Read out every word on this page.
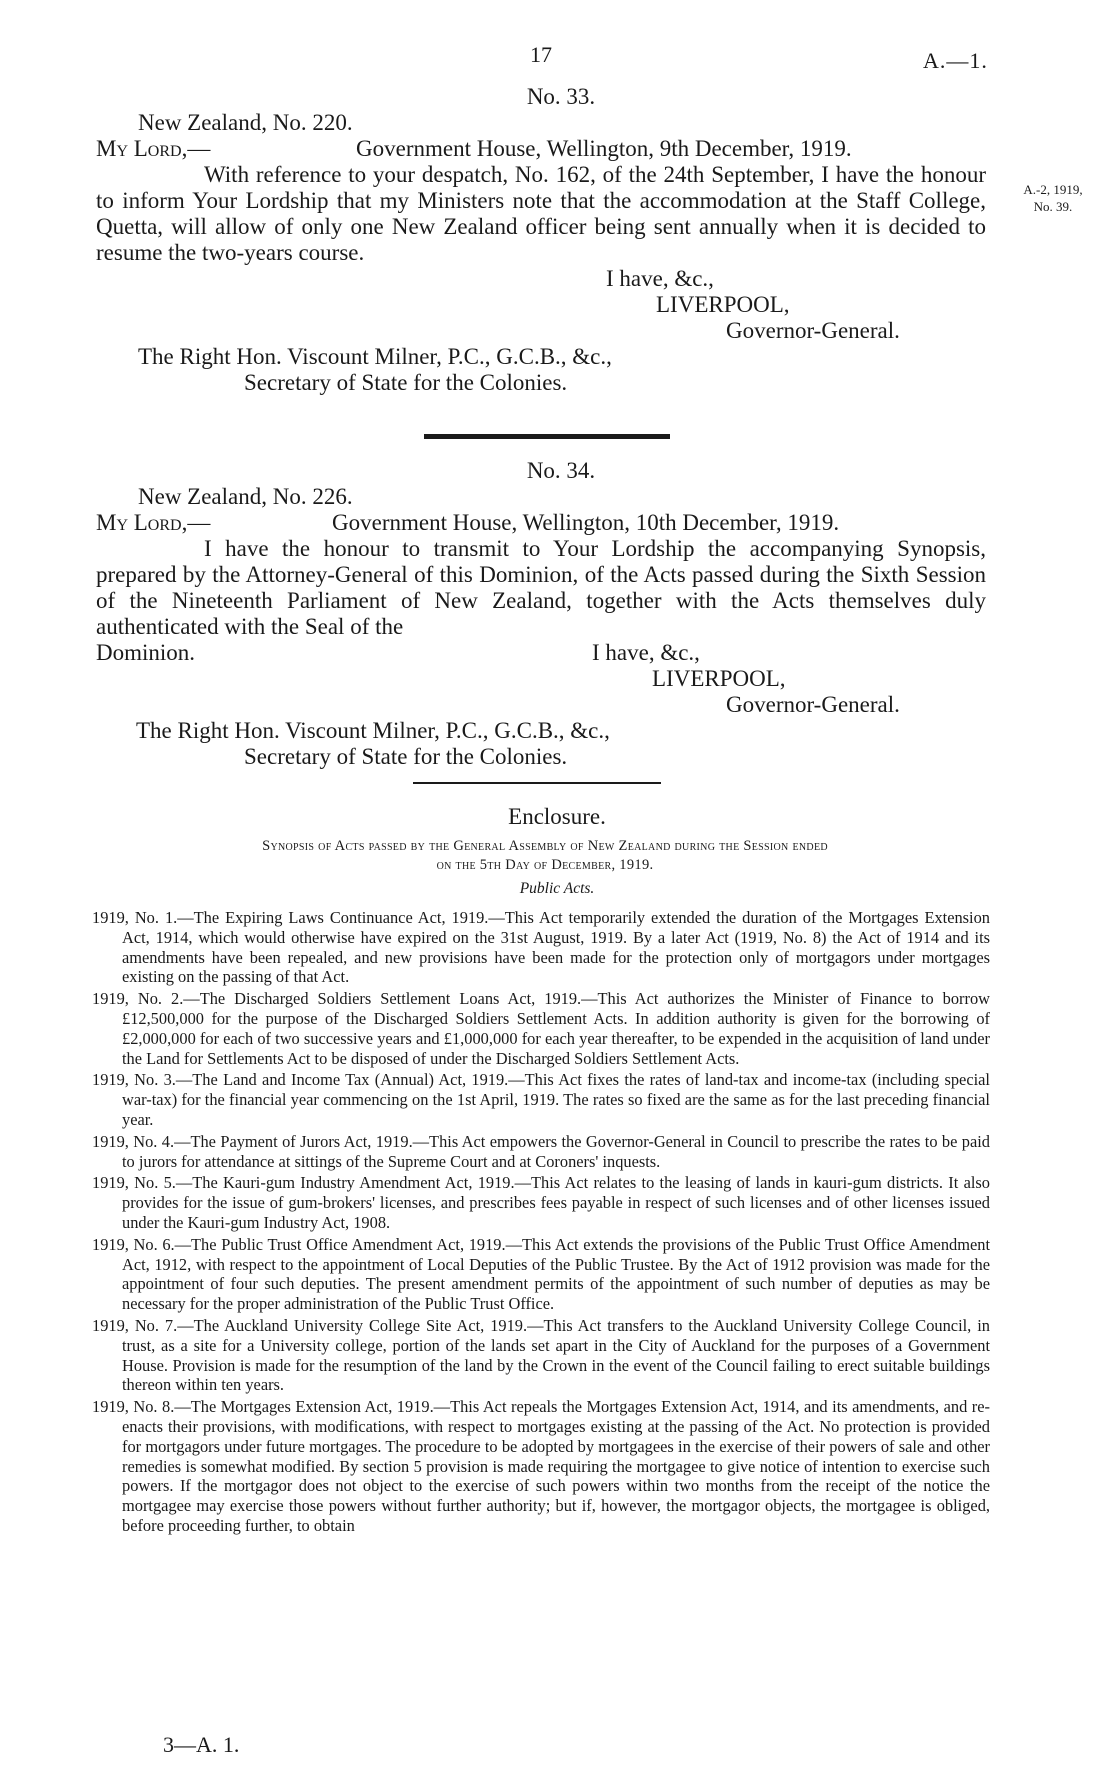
17	A.—1.
A.-2, 1919,
No. 39.
No. 33.
New Zealand, No. 220.
My Lord,—	Government House, Wellington, 9th December, 1919.

With reference to your despatch, No. 162, of the 24th September, I have the honour to inform Your Lordship that my Ministers note that the accommodation at the Staff College, Quetta, will allow of only one New Zealand officer being sent annually when it is decided to resume the two-years course.

I have, &c.,
LIVERPOOL,
Governor-General.
The Right Hon. Viscount Milner, P.C., G.C.B., &c.,
Secretary of State for the Colonies.
No. 34.
New Zealand, No. 226.
My Lord,—	Government House, Wellington, 10th December, 1919.

I have the honour to transmit to Your Lordship the accompanying Synopsis, prepared by the Attorney-General of this Dominion, of the Acts passed during the Sixth Session of the Nineteenth Parliament of New Zealand, together with the Acts themselves duly authenticated with the Seal of the

Dominion.	I have, &c.,
LIVERPOOL,
Governor-General.
The Right Hon. Viscount Milner, P.C., G.C.B., &c.,
Secretary of State for the Colonies.
Enclosure.
Synopsis of Acts passed by the General Assembly of New Zealand during the Session ended
on the 5th Day of December, 1919.
Public Acts.

1919, No. 1.—The Expiring Laws Continuance Act, 1919.—This Act temporarily extended the duration of the Mortgages Extension Act, 1914, which would otherwise have expired on the 31st August, 1919. By a later Act (1919, No. 8) the Act of 1914 and its amendments have been repealed, and new provisions have been made for the protection only of mortgagors under mortgages existing on the passing of that Act.

1919, No. 2.—The Discharged Soldiers Settlement Loans Act, 1919.—This Act authorizes the Minister of Finance to borrow £12,500,000 for the purpose of the Discharged Soldiers Settlement Acts. In addition authority is given for the borrowing of £2,000,000 for each of two successive years and £1,000,000 for each year thereafter, to be expended in the acquisition of land under the Land for Settlements Act to be disposed of under the Discharged Soldiers Settlement Acts.

1919, No. 3.—The Land and Income Tax (Annual) Act, 1919.—This Act fixes the rates of land-tax and income-tax (including special war-tax) for the financial year commencing on the 1st April, 1919. The rates so fixed are the same as for the last preceding financial year.

1919, No. 4.—The Payment of Jurors Act, 1919.—This Act empowers the Governor-General in Council to prescribe the rates to be paid to jurors for attendance at sittings of the Supreme Court and at Coroners' inquests.

1919, No. 5.—The Kauri-gum Industry Amendment Act, 1919.—This Act relates to the leasing of lands in kauri-gum districts. It also provides for the issue of gum-brokers' licenses, and prescribes fees payable in respect of such licenses and of other licenses issued under the Kauri-gum Industry Act, 1908.

1919, No. 6.—The Public Trust Office Amendment Act, 1919.—This Act extends the provisions of the Public Trust Office Amendment Act, 1912, with respect to the appointment of Local Deputies of the Public Trustee. By the Act of 1912 provision was made for the appointment of four such deputies. The present amendment permits of the appointment of such number of deputies as may be necessary for the proper administration of the Public Trust Office.

1919, No. 7.—The Auckland University College Site Act, 1919.—This Act transfers to the Auckland University College Council, in trust, as a site for a University college, portion of the lands set apart in the City of Auckland for the purposes of a Government House. Provision is made for the resumption of the land by the Crown in the event of the Council failing to erect suitable buildings thereon within ten years.

1919, No. 8.—The Mortgages Extension Act, 1919.—This Act repeals the Mortgages Extension Act, 1914, and its amendments, and re-enacts their provisions, with modifications, with respect to mortgages existing at the passing of the Act. No protection is provided for mortgagors under future mortgages. The procedure to be adopted by mortgagees in the exercise of their powers of sale and other remedies is somewhat modified. By section 5 provision is made requiring the mortgagee to give notice of intention to exercise such powers. If the mortgagor does not object to the exercise of such powers within two months from the receipt of the notice the mortgagee may exercise those powers without further authority; but if, however, the mortgagor objects, the mortgagee is obliged, before proceeding further, to obtain

3—A. 1.
